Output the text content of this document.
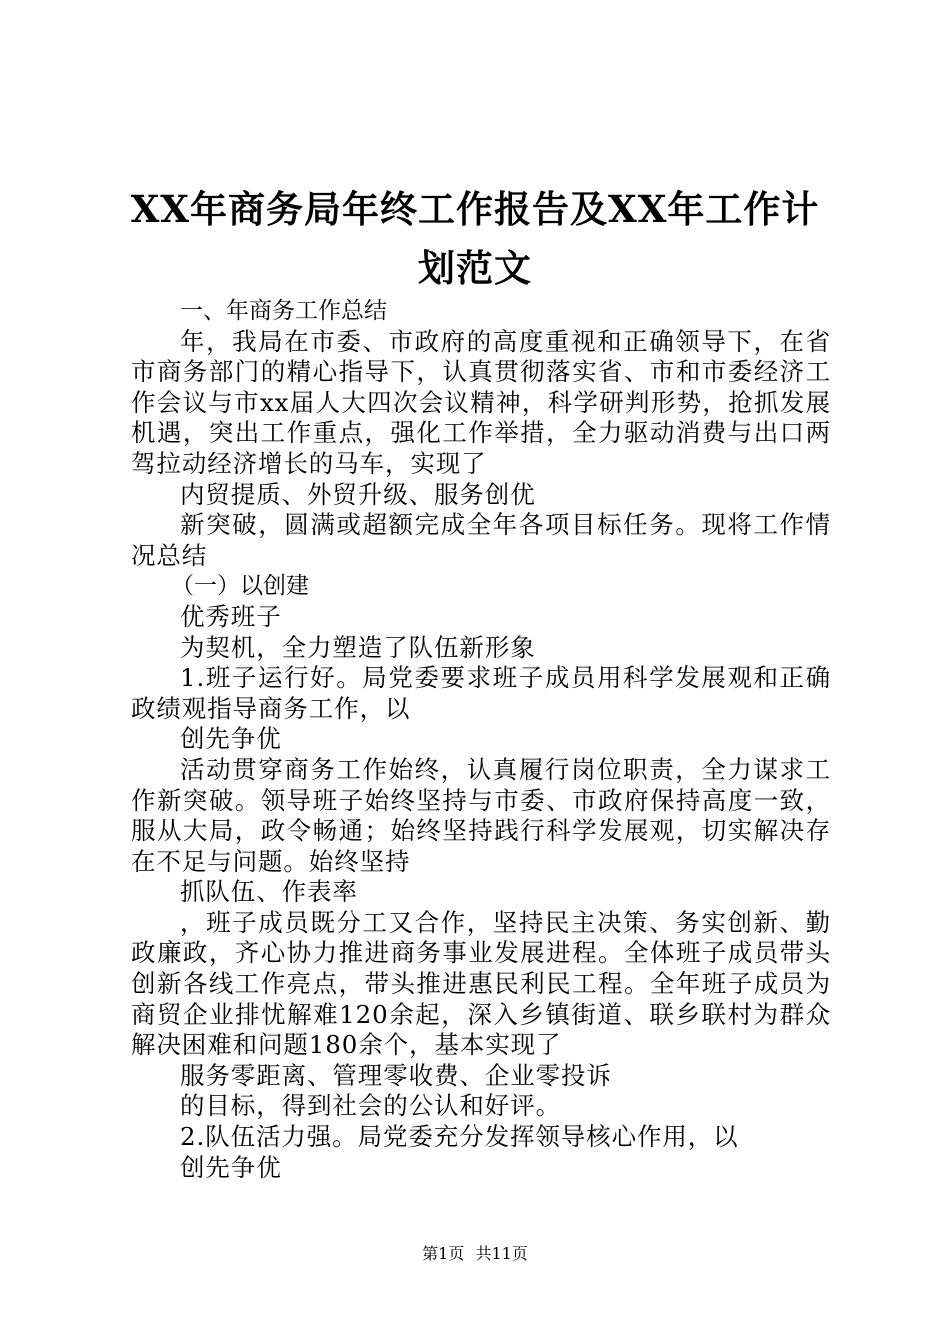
XX年商务局年终工作报告及XX年工作计划范文

一、年商务工作总结

年，我局在市委、市政府的高度重视和正确领导下，在省市商务部门的精心指导下，认真贯彻落实省、市和市委经济工作会议与市xx届人大四次会议精神，科学研判形势，抢抓发展机遇，突出工作重点，强化工作举措，全力驱动消费与出口两驾拉动经济增长的马车，实现了

内贸提质、外贸升级、服务创优

新突破，圆满或超额完成全年各项目标任务。现将工作情况总结

（一）以创建

优秀班子

为契机，全力塑造了队伍新形象

1.班子运行好。局党委要求班子成员用科学发展观和正确政绩观指导商务工作，以

创先争优

活动贯穿商务工作始终，认真履行岗位职责，全力谋求工作新突破。领导班子始终坚持与市委、市政府保持高度一致，服从大局，政令畅通；始终坚持践行科学发展观，切实解决存在不足与问题。始终坚持

抓队伍、作表率

，班子成员既分工又合作，坚持民主决策、务实创新、勤政廉政，齐心协力推进商务事业发展进程。全体班子成员带头创新各线工作亮点，带头推进惠民利民工程。全年班子成员为商贸企业排忧解难120余起，深入乡镇街道、联乡联村为群众解决困难和问题180余个，基本实现了

服务零距离、管理零收费、企业零投诉

的目标，得到社会的公认和好评。

2.队伍活力强。局党委充分发挥领导核心作用，以

创先争优

第1页 共11页
